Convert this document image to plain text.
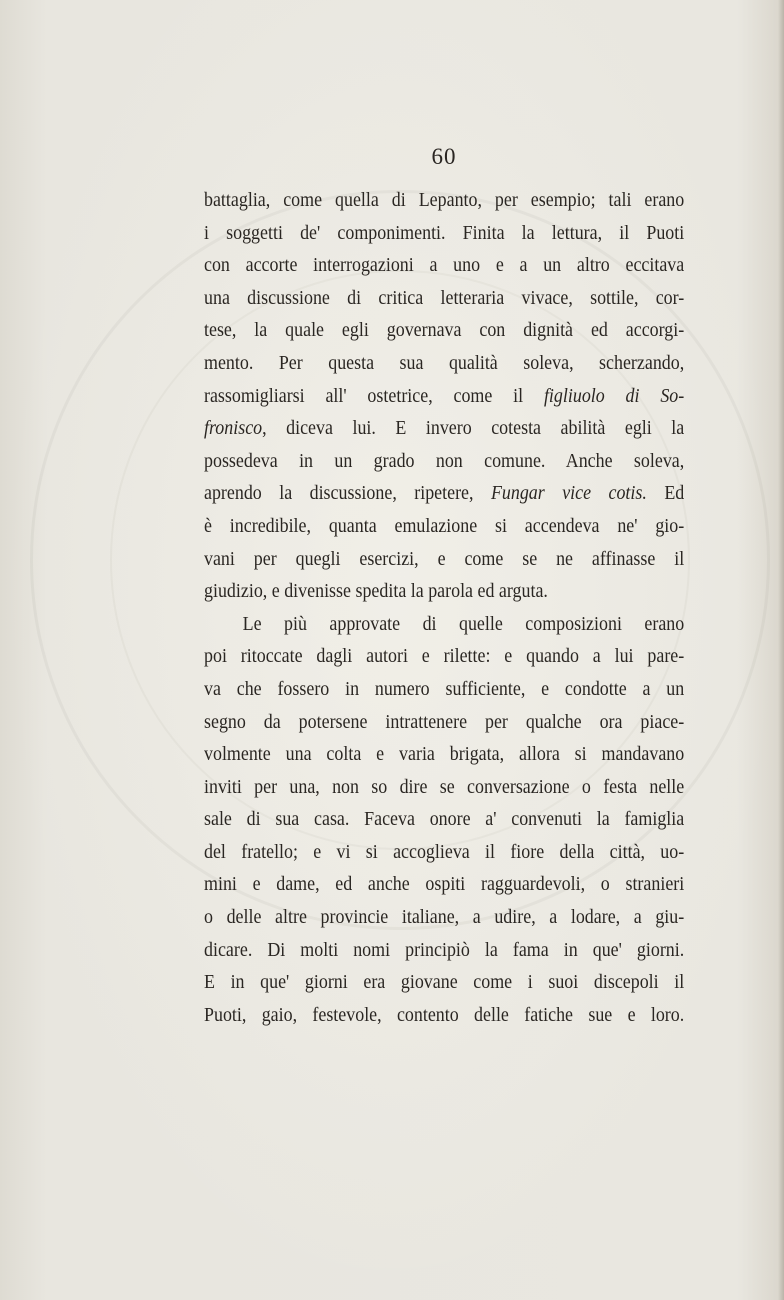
60
battaglia, come quella di Lepanto, per esempio; tali erano
i soggetti de' componimenti. Finita la lettura, il Puoti
con accorte interrogazioni a uno e a un altro eccitava
una discussione di critica letteraria vivace, sottile, cor-
tese, la quale egli governava con dignità ed accorgi-
mento. Per questa sua qualità soleva, scherzando,
rassomigliarsi all' ostetrice, come il figliuolo di So-
fronisco, diceva lui. E invero cotesta abilità egli la
possedeva in un grado non comune. Anche soleva,
aprendo la discussione, ripetere, Fungar vice cotis. Ed
è incredibile, quanta emulazione si accendeva ne' gio-
vani per quegli esercizi, e come se ne affinasse il
giudizio, e divenisse spedita la parola ed arguta.
Le più approvate di quelle composizioni erano
poi ritoccate dagli autori e rilette: e quando a lui pare-
va che fossero in numero sufficiente, e condotte a un
segno da potersene intrattenere per qualche ora piace-
volmente una colta e varia brigata, allora si mandavano
inviti per una, non so dire se conversazione o festa nelle
sale di sua casa. Faceva onore a' convenuti la famiglia
del fratello; e vi si accoglieva il fiore della città, uo-
mini e dame, ed anche ospiti ragguardevoli, o stranieri
o delle altre provincie italiane, a udire, a lodare, a giu-
dicare. Di molti nomi principiò la fama in que' giorni.
E in que' giorni era giovane come i suoi discepoli il
Puoti, gaio, festevole, contento delle fatiche sue e loro.
